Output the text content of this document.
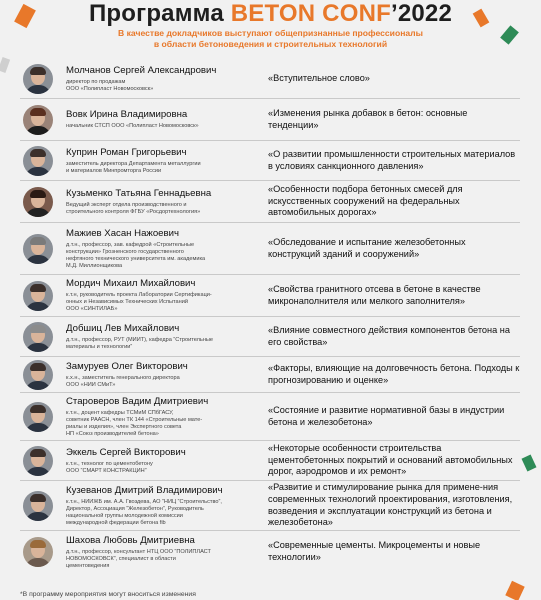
Программа BETON CONF’2022
В качестве докладчиков выступают общепризнанные профессионалы
в области бетоноведения и строительных технологий
Молчанов Сергей Александрович
директор по продажам
ООО «Полипласт Новомосковск»
«Вступительное слово»
Вовк Ирина Владимировна
начальник СТСП ООО «Полипласт Новомосковск»
«Изменения рынка добавок в бетон: основные тенденции»
Куприн Роман Григорьевич
заместитель директора Департамента металлургии
и материалов Минпромторга России
«О развитии промышленности строительных материалов в условиях санкционного давления»
Кузьменко Татьяна Геннадьевна
Ведущий эксперт отдела производственного и
строительного контроля ФГБУ «Росдортехнология»
«Особенности подбора бетонных смесей для искусственных сооружений на федеральных автомобильных дорогах»
Мажиев Хасан Нажоевич
д.т.н., профессор, зав. кафедрой «Строительные
конструкции» Грозненского государственного
нефтяного технического университета им. академика
М.Д. Миллионщикова
«Обследование и испытание железобетонных конструкций зданий и сооружений»
Мордич Михаил Михайлович
к.т.н, руководитель проекта Лаборатории Сертификаци-
онных и Независимых Технических Испытаний
ООО «СИНТИЛАБ»
«Свойства гранитного отсева в бетоне в качестве микронаполнителя или мелкого заполнителя»
Добшиц Лев Михайлович
д.т.н., профессор, РУТ (МИИТ), кафедра “Строительные
материалы и технологии”
«Влияние совместного действия компонентов бетона на его свойства»
Замуруев Олег Викторович
к.х.н., заместитель генерального директора
ООО «НИИ СМиТ»
«Факторы, влияющие на долговечность бетона. Подходы к прогнозированию и оценке»
Староверов Вадим Дмитриевич
к.т.н., доцент кафедры ТСМиМ СПбГАСУ,
советник РААСН, член ТК 144 «Строительные мате-
риалы и изделия», член Экспертного совета
НП «Союз производителей бетона»
«Состояние и развитие нормативной базы в индустрии бетона и железобетона»
Эккель Сергей Викторович
к.т.н., технолог по цементобетону
ООО “СМАРТ КОНСТРАКЦИН”
«Некоторые особенности строительства цементобетонных покрытий и оснований автомобильных дорог, аэродромов и их ремонт»
Кузеванов Дмитрий Владимирович
к.т.н., НИИЖБ им. А.А. Гвоздева, АО “НИЦ “Строительство”,
Директор, Ассоциация “Железобетон”, Руководитель
национальной группы молодежной комиссии
международной федерации бетона fib
«Развитие и стимулирование рынка для примене-ния современных технологий проектирования, изготовления, возведения и эксплуатации конструкций из бетона и железобетона»
Шахова Любовь Дмитриевна
д.т.н., профессор, консультант НТЦ ООО “ПОЛИПЛАСТ
НОВОМОСКОВСК”, специалист в области
цементоведения
«Современные цементы. Микроцементы и новые технологии»
*В программу мероприятия могут вноситься изменения
